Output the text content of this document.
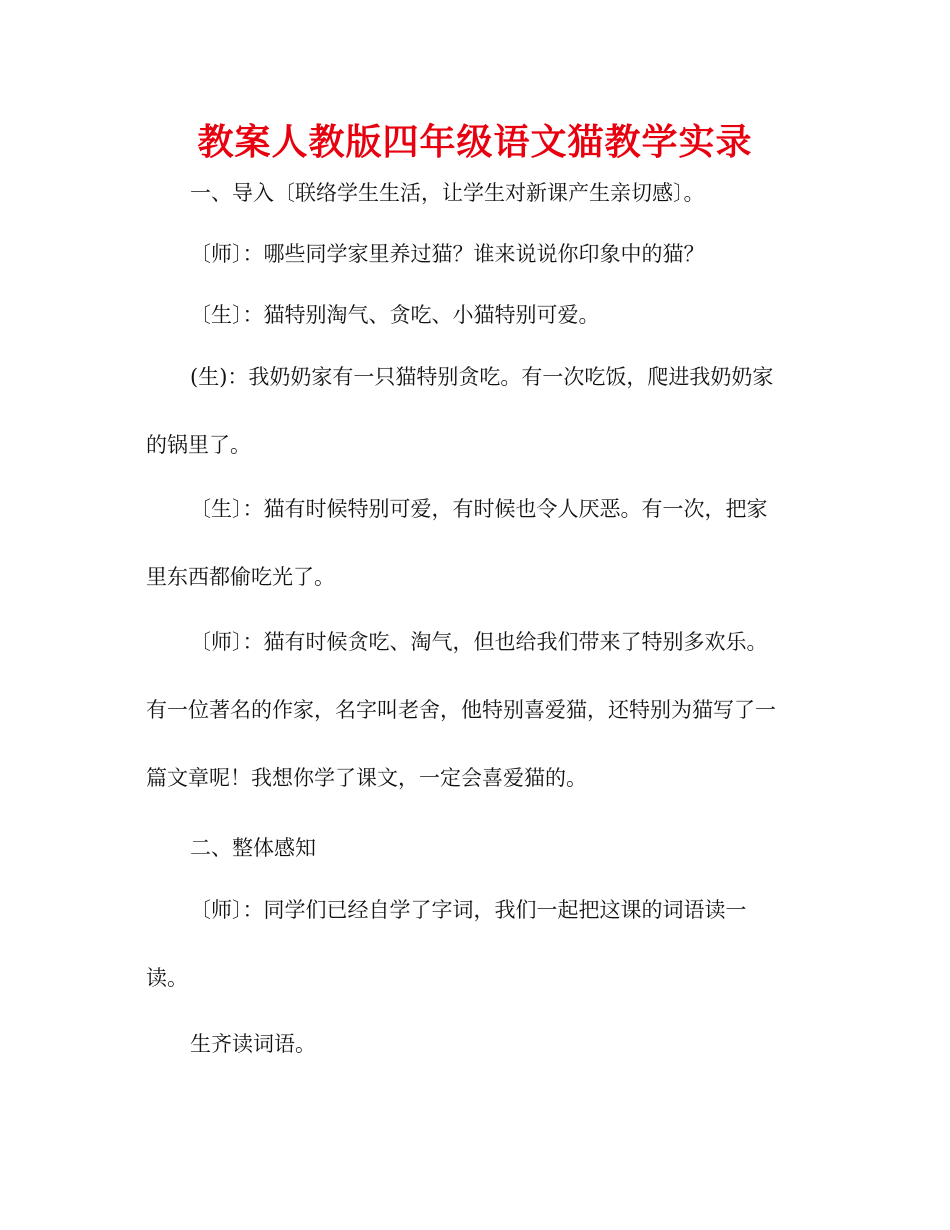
教案人教版四年级语文猫教学实录

一、导入〔联络学生生活，让学生对新课产生亲切感〕。

〔师〕：哪些同学家里养过猫？谁来说说你印象中的猫？

〔生〕：猫特别淘气、贪吃、小猫特别可爱。

(生)：我奶奶家有一只猫特别贪吃。有一次吃饭，爬进我奶奶家
的锅里了。

〔生〕：猫有时候特别可爱，有时候也令人厌恶。有一次，把家
里东西都偷吃光了。

〔师〕：猫有时候贪吃、淘气，但也给我们带来了特别多欢乐。
有一位著名的作家，名字叫老舍，他特别喜爱猫，还特别为猫写了一
篇文章呢！我想你学了课文，一定会喜爱猫的。

二、整体感知

〔师〕：同学们已经自学了字词，我们一起把这课的词语读一
读。

生齐读词语。
